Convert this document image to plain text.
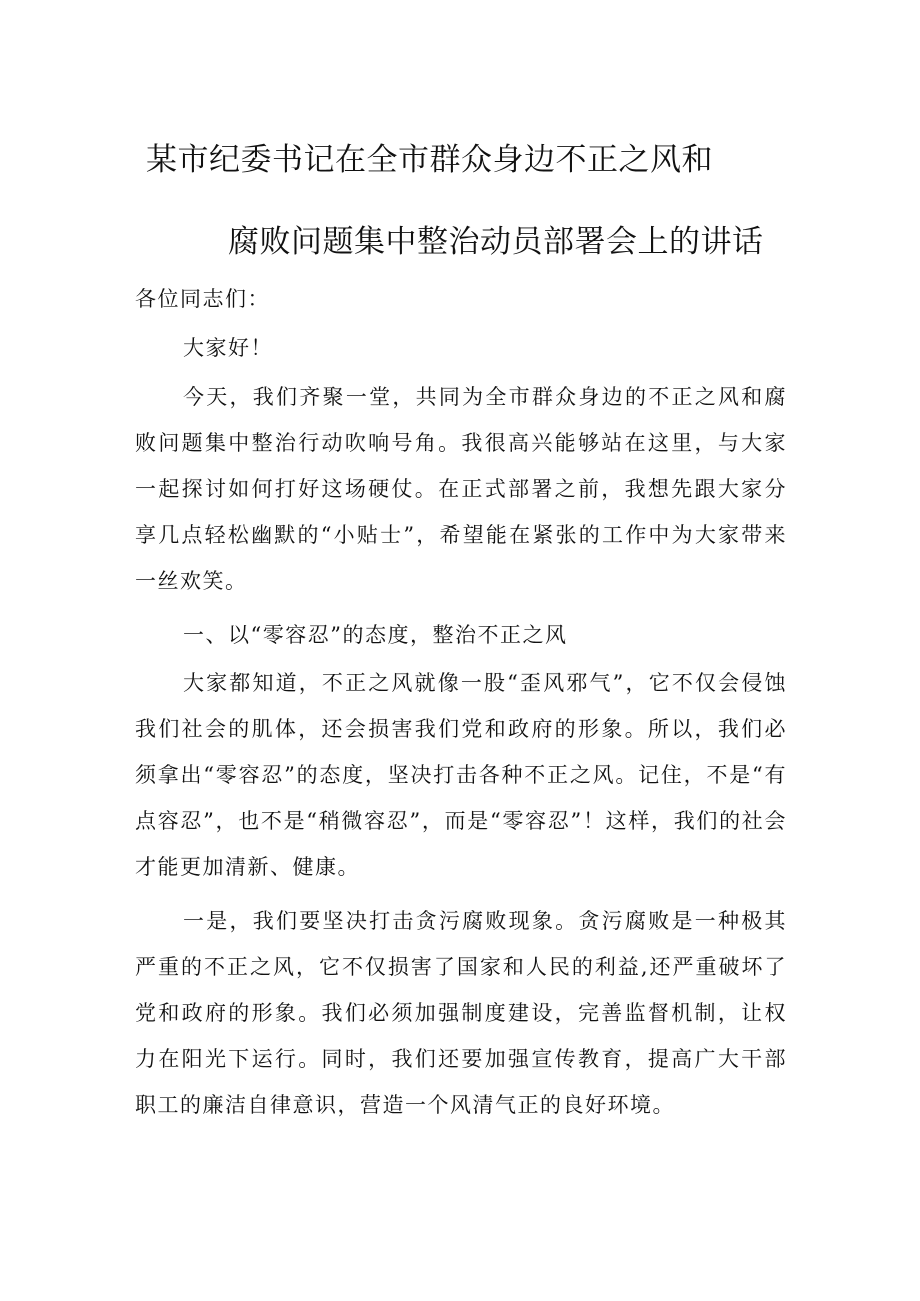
某市纪委书记在全市群众身边不正之风和
腐败问题集中整治动员部署会上的讲话
各位同志们：
大家好！
今天，我们齐聚一堂，共同为全市群众身边的不正之风和腐败问题集中整治行动吹响号角。我很高兴能够站在这里，与大家一起探讨如何打好这场硬仗。在正式部署之前，我想先跟大家分享几点轻松幽默的“小贴士”，希望能在紧张的工作中为大家带来一丝欢笑。
一、以“零容忍”的态度，整治不正之风
大家都知道，不正之风就像一股“歪风邪气”，它不仅会侵蚀我们社会的肌体，还会损害我们党和政府的形象。所以，我们必须拿出“零容忍”的态度，坚决打击各种不正之风。记住，不是“有点容忍”，也不是“稍微容忍”，而是“零容忍”！这样，我们的社会才能更加清新、健康。
一是，我们要坚决打击贪污腐败现象。贪污腐败是一种极其严重的不正之风，它不仅损害了国家和人民的利益,还严重破坏了党和政府的形象。我们必须加强制度建设，完善监督机制，让权力在阳光下运行。同时，我们还要加强宣传教育，提高广大干部职工的廉洁自律意识，营造一个风清气正的良好环境。
